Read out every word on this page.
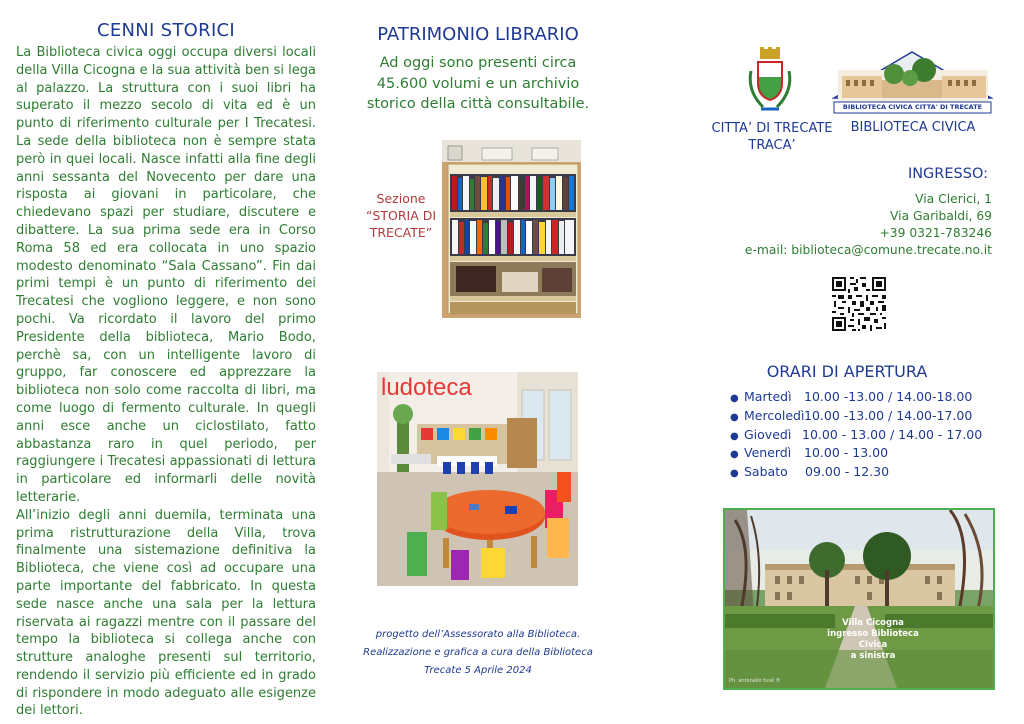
CENNI STORICI

La Biblioteca civica oggi occupa diversi locali della Villa Cicogna e la sua attività ben si lega al palazzo. La struttura con i suoi libri ha superato il mezzo secolo di vita ed è un punto di riferimento culturale per I Trecatesi. La sede della biblioteca non è sempre stata però in quei locali. Nasce infatti alla fine degli anni sessanta del Novecento per dare una risposta ai giovani in particolare, che chiedevano spazi per studiare, discutere e dibattere. La sua prima sede era in Corso Roma 58 ed era collocata in uno spazio modesto denominato “Sala Cassano”. Fin dai primi tempi è un punto di riferimento dei Trecatesi che vogliono leggere, e non sono pochi. Va ricordato il lavoro del primo Presidente della biblioteca, Mario Bodo, perchè sa, con un intelligente lavoro di gruppo, far conoscere ed apprezzare la biblioteca non solo come raccolta di libri, ma come luogo di fermento culturale. In quegli anni esce anche un ciclostilato, fatto abbastanza raro in quel periodo, per raggiungere i Trecatesi appassionati di lettura in particolare ed informarli delle novità letterarie.

All’inizio degli anni duemila, terminata una prima ristrutturazione della Villa, trova finalmente una sistemazione definitiva la Biblioteca, che viene così ad occupare una parte importante del fabbricato. In questa sede nasce anche una sala per la lettura riservata ai ragazzi mentre con il passare del tempo la biblioteca si collega anche con strutture analoghe presenti sul territorio, rendendo il servizio più efficiente ed in grado di rispondere in modo adeguato alle esigenze dei lettori.

PATRIMONIO LIBRARIO
Ad oggi sono presenti circa 45.600 volumi e un archivio storico della città consultabile.
Sezione “STORIA DI TRECATE”
ludoteca
progetto dell’Assessorato alla Biblioteca.
Realizzazione e grafica a cura della Biblioteca
Trecate 5 Aprile 2024
BIBLIOTECA CIVICA CITTA' DI TRECATE
CITTA’ DI TRECATE
TRACA’
BIBLIOTECA CIVICA
INGRESSO:
Via Clerici, 1
Via Garibaldi, 69
+39 0321-783246
e-mail: biblioteca@comune.trecate.no.it
ORARI DI APERTURA
● Martedì 10.00 -13.00 / 14.00-18.00
● Mercoledì 10.00 -13.00 / 14.00-17.00
● Giovedì 10.00 - 13.00 / 14.00 - 17.00
● Venerdì	10.00 - 13.00
● Sabato	09.00 - 12.30
Villa Cicogna
ingresso Biblioteca Civica
a sinistra
Ph. antonello fusè ®
